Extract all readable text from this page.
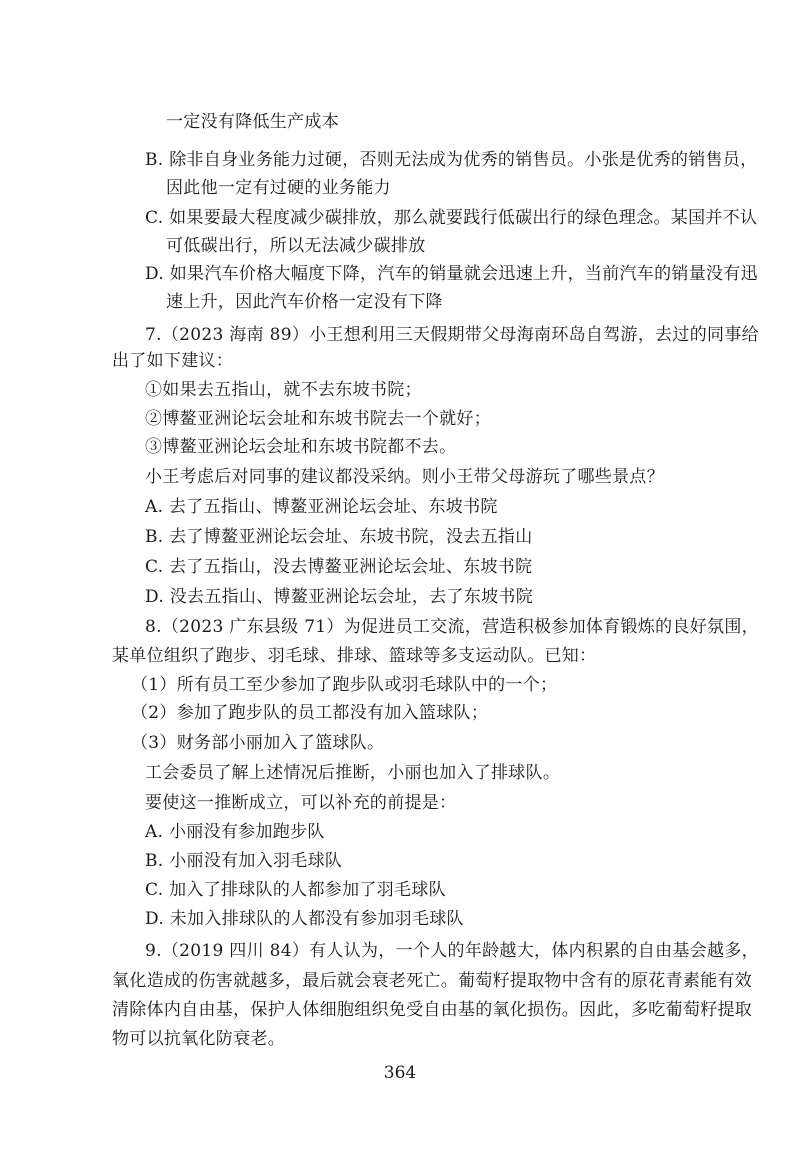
一定没有降低生产成本
B. 除非自身业务能力过硬，否则无法成为优秀的销售员。小张是优秀的销售员，
因此他一定有过硬的业务能力
C. 如果要最大程度减少碳排放，那么就要践行低碳出行的绿色理念。某国并不认
可低碳出行，所以无法减少碳排放
D. 如果汽车价格大幅度下降，汽车的销量就会迅速上升，当前汽车的销量没有迅
速上升，因此汽车价格一定没有下降
7.（2023 海南 89）小王想利用三天假期带父母海南环岛自驾游，去过的同事给
出了如下建议：
①如果去五指山，就不去东坡书院；
②博鳌亚洲论坛会址和东坡书院去一个就好；
③博鳌亚洲论坛会址和东坡书院都不去。
小王考虑后对同事的建议都没采纳。则小王带父母游玩了哪些景点？
A. 去了五指山、博鳌亚洲论坛会址、东坡书院
B. 去了博鳌亚洲论坛会址、东坡书院，没去五指山
C. 去了五指山，没去博鳌亚洲论坛会址、东坡书院
D. 没去五指山、博鳌亚洲论坛会址，去了东坡书院
8.（2023 广东县级 71）为促进员工交流，营造积极参加体育锻炼的良好氛围，
某单位组织了跑步、羽毛球、排球、篮球等多支运动队。已知：
（1）所有员工至少参加了跑步队或羽毛球队中的一个；
（2）参加了跑步队的员工都没有加入篮球队；
（3）财务部小丽加入了篮球队。
工会委员了解上述情况后推断，小丽也加入了排球队。
要使这一推断成立，可以补充的前提是：
A. 小丽没有参加跑步队
B. 小丽没有加入羽毛球队
C. 加入了排球队的人都参加了羽毛球队
D. 未加入排球队的人都没有参加羽毛球队
9.（2019 四川 84）有人认为，一个人的年龄越大，体内积累的自由基会越多，
氧化造成的伤害就越多，最后就会衰老死亡。葡萄籽提取物中含有的原花青素能有效
清除体内自由基，保护人体细胞组织免受自由基的氧化损伤。因此，多吃葡萄籽提取
物可以抗氧化防衰老。
364
